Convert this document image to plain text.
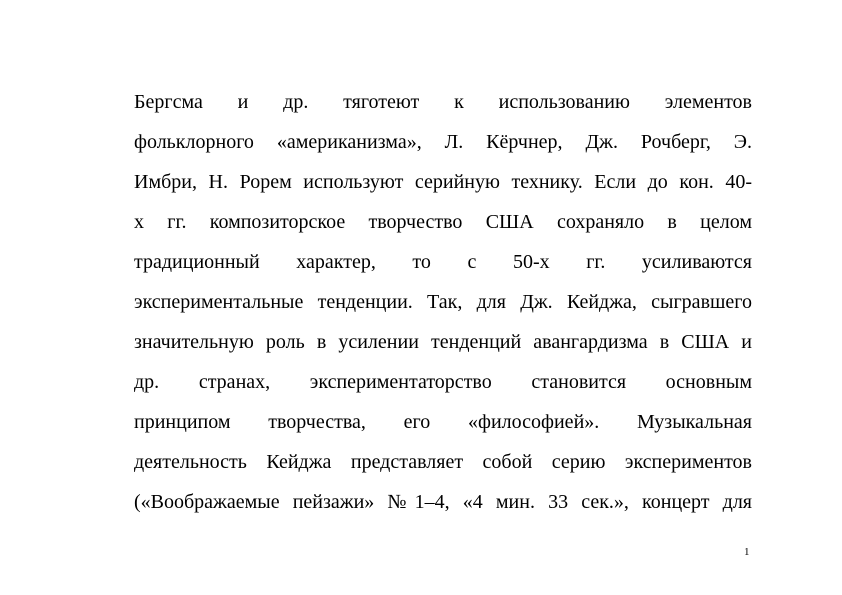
Бергсма и др. тяготеют к использованию элементов
фольклорного «американизма», Л. Кёрчнер, Дж. Рочберг, Э.
Имбри, Н. Рорем используют серийную технику. Если до кон. 40-
х гг. композиторское творчество США сохраняло в целом
традиционный характер, то с 50-х гг. усиливаются
экспериментальные тенденции. Так, для Дж. Кейджа, сыгравшего
значительную роль в усилении тенденций авангардизма в США и
др. странах, экспериментаторство становится основным
принципом творчества, его «философией». Музыкальная
деятельность Кейджа представляет собой серию экспериментов
(«Воображаемые пейзажи» №1–4, «4 мин. 33 сек.», концерт для
1
